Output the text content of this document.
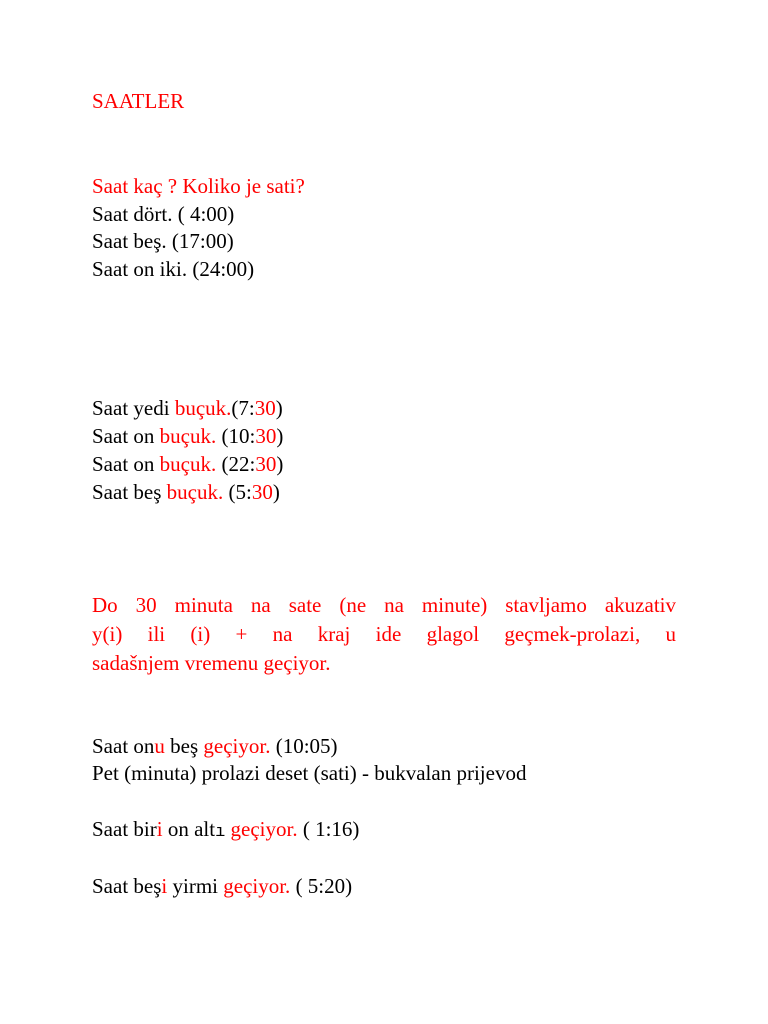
SAATLER
Saat kaç ? Koliko je sati?
Saat dört. ( 4:00)
Saat beş. (17:00)
Saat on iki. (24:00)
Saat yedi buçuk.(7:30)
Saat on buçuk. (10:30)
Saat on buçuk. (22:30)
Saat beş buçuk. (5:30)
Do 30 minuta na sate (ne na minute) stavljamo akuzativ
y(i) ili (i) + na kraj ide glagol geçmek-prolazi, u
sadašnjem vremenu geçiyor.
Saat onu beş geçiyor. (10:05)
Pet (minuta) prolazi deset (sati) - bukvalan prijevod
Saat biri on altı geçiyor. ( 1:16)
Saat beşi yirmi geçiyor. ( 5:20)
